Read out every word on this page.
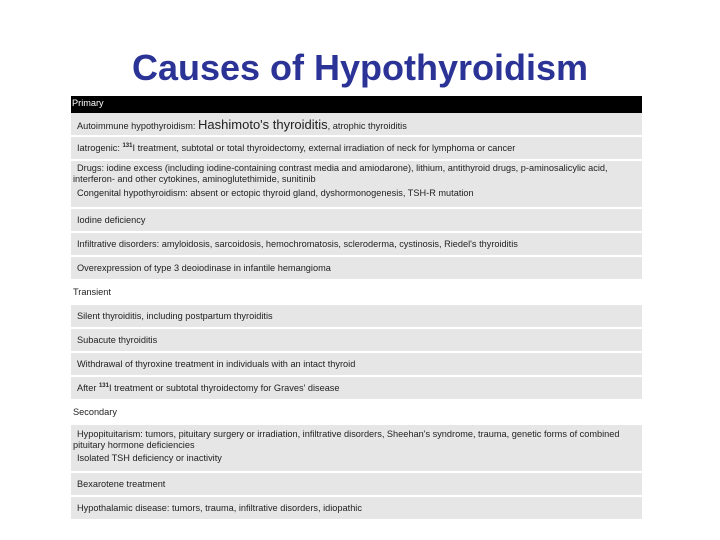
Causes of Hypothyroidism
Primary
Autoimmune hypothyroidism: Hashimoto's thyroiditis, atrophic thyroiditis
Iatrogenic: $^{131}$I treatment, subtotal or total thyroidectomy, external irradiation of neck for lymphoma or cancer
Drugs: iodine excess (including iodine-containing contrast media and amiodarone), lithium, antithyroid drugs, p-aminosalicylic acid, interferon- and other cytokines, aminoglutethimide, sunitinib
Congenital hypothyroidism: absent or ectopic thyroid gland, dyshormonogenesis, TSH-R mutation
Iodine deficiency
Infiltrative disorders: amyloidosis, sarcoidosis, hemochromatosis, scleroderma, cystinosis, Riedel's thyroiditis
Overexpression of type 3 deoiodinase in infantile hemangioma
Transient
Silent thyroiditis, including postpartum thyroiditis
Subacute thyroiditis
Withdrawal of thyroxine treatment in individuals with an intact thyroid
After $^{131}$I treatment or subtotal thyroidectomy for Graves' disease
Secondary
Hypopituitarism: tumors, pituitary surgery or irradiation, infiltrative disorders, Sheehan's syndrome, trauma, genetic forms of combined pituitary hormone deficiencies
Isolated TSH deficiency or inactivity
Bexarotene treatment
Hypothalamic disease: tumors, trauma, infiltrative disorders, idiopathic
